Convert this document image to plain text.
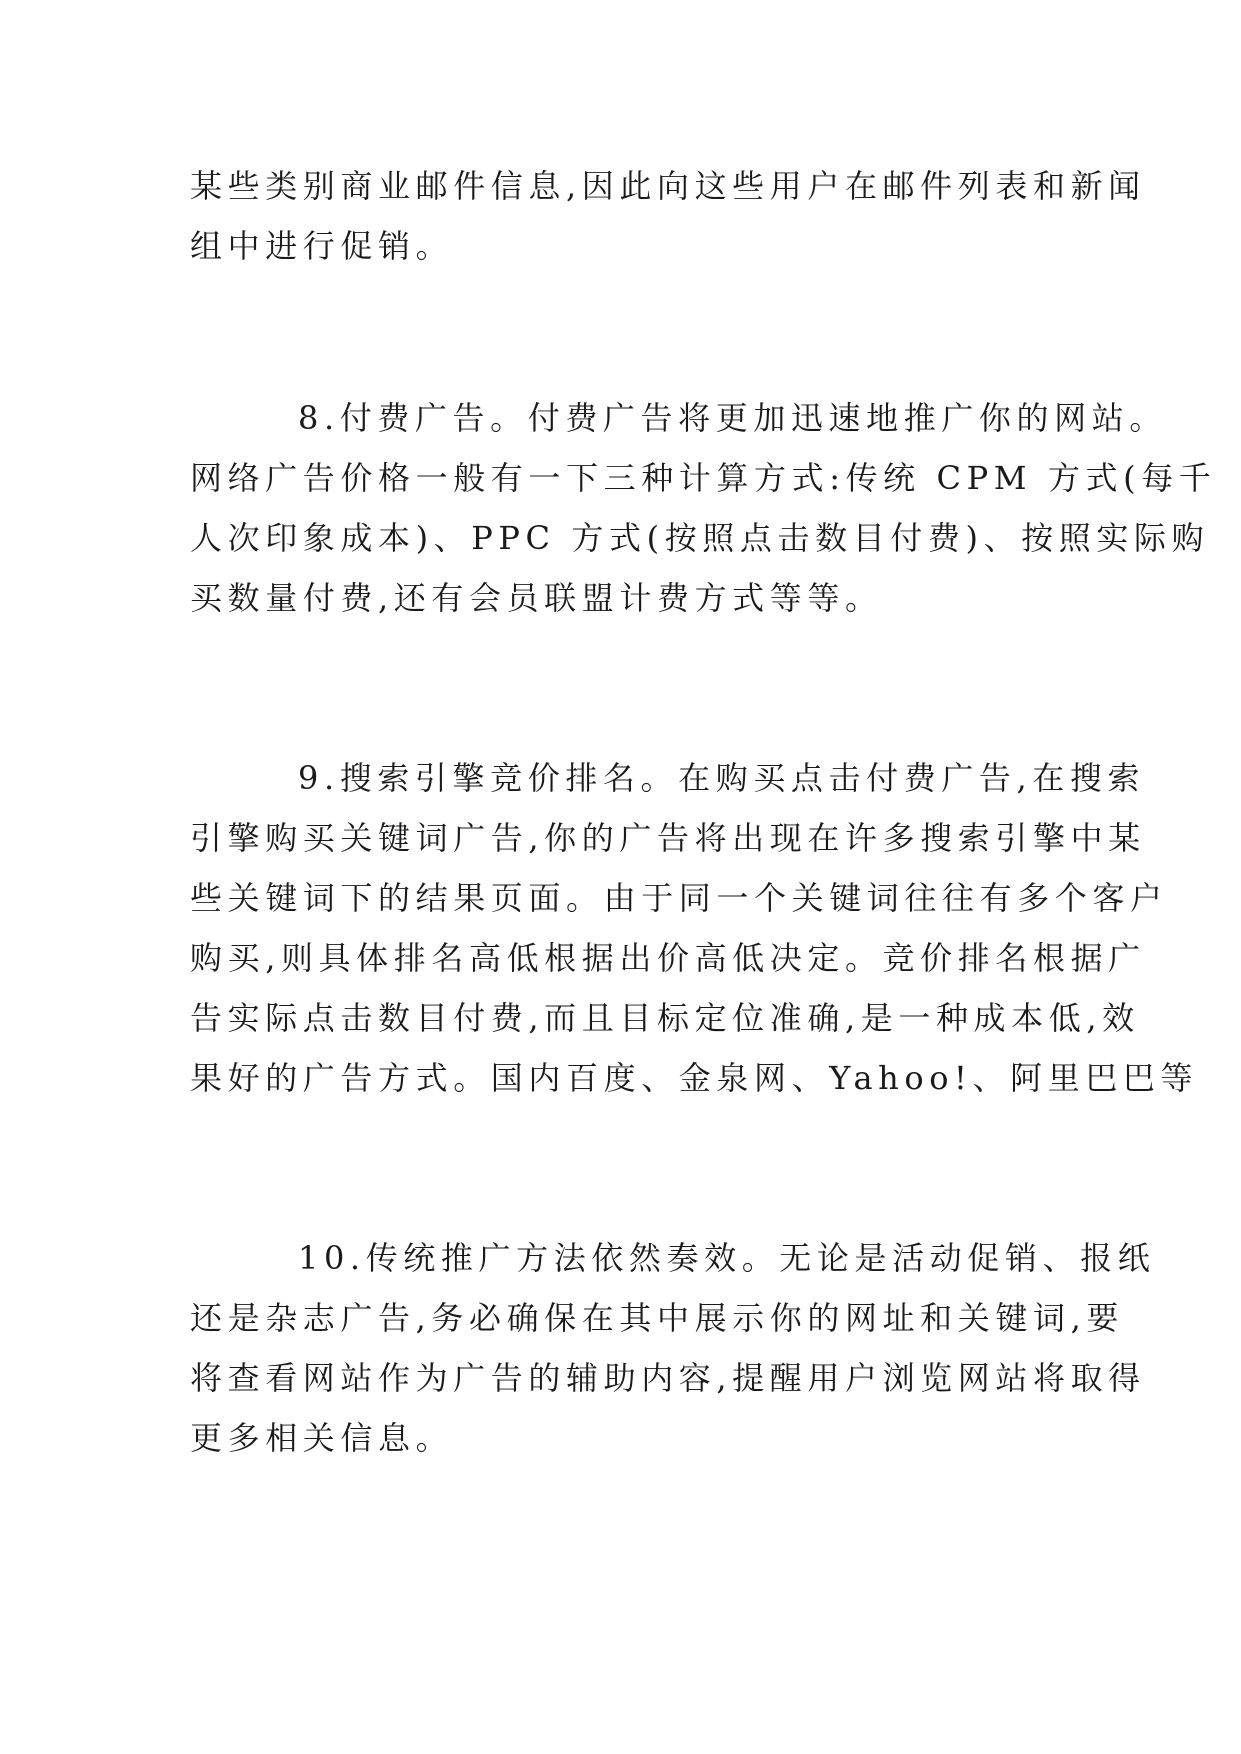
某些类别商业邮件信息,因此向这些用户在邮件列表和新闻
组中进行促销。
8.付费广告。付费广告将更加迅速地推广你的网站。
网络广告价格一般有一下三种计算方式:传统 CPM 方式(每千
人次印象成本)、PPC 方式(按照点击数目付费)、按照实际购
买数量付费,还有会员联盟计费方式等等。
9.搜索引擎竞价排名。在购买点击付费广告,在搜索
引擎购买关键词广告,你的广告将出现在许多搜索引擎中某
些关键词下的结果页面。由于同一个关键词往往有多个客户
购买,则具体排名高低根据出价高低决定。竞价排名根据广
告实际点击数目付费,而且目标定位准确,是一种成本低,效
果好的广告方式。国内百度、金泉网、Yahoo!、阿里巴巴等
10.传统推广方法依然奏效。无论是活动促销、报纸
还是杂志广告,务必确保在其中展示你的网址和关键词,要
将查看网站作为广告的辅助内容,提醒用户浏览网站将取得
更多相关信息。
